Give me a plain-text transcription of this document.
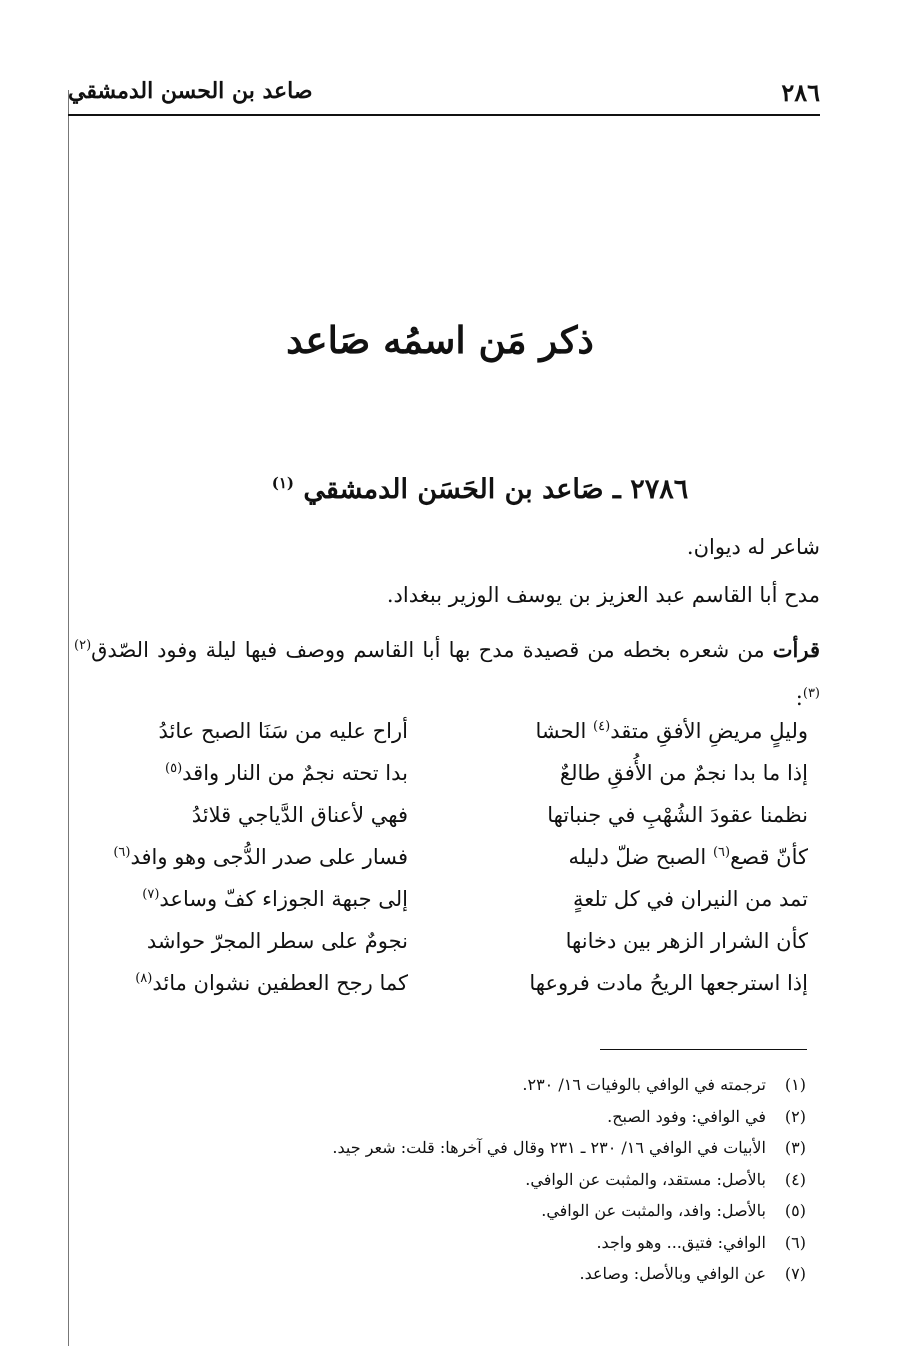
٢٨٦
صاعد بن الحسن الدمشقي
ذكر مَن اسمُه صَاعد
٢٧٨٦ ـ صَاعد بن الحَسَن الدمشقي $^{(١)}$
شاعر له ديوان.
مدح أبا القاسم عبد العزيز بن يوسف الوزير ببغداد.
قرأت من شعره بخطه من قصيدة مدح بها أبا القاسم ووصف فيها ليلة وفود الصّدق$^{(٢)(٣)}$:
وليلٍ مريضِ الأفقِ متقد$^{(٤)}$ الحشا
أراح عليه من سَنَا الصبح عائدُ
إذا ما بدا نجمٌ من الأُفقِ طالعٌ
بدا تحته نجمٌ من النار واقد$^{(٥)}$
نظمنا عقودَ الشُهْبِ في جنباتها
فهي لأعناق الدَّياجي قلائدُ
كأنّ قصع$^{(٦)}$ الصبح ضلّ دليله
فسار على صدر الدُّجى وهو وافد$^{(٦)}$
تمد من النيران في كل تلعةٍ
إلى جبهة الجوزاء كفّ وساعد$^{(٧)}$
كأن الشرار الزهر بين دخانها
نجومٌ على سطر المجرّ حواشد
إذا استرجعها الريحُ مادت فروعها
كما رجح العطفين نشوان مائد$^{(٨)}$
(١)ترجمته في الوافي بالوفيات ١٦/ ٢٣٠.
(٢)في الوافي: وفود الصبح.
(٣)الأبيات في الوافي ١٦/ ٢٣٠ ـ ٢٣١ وقال في آخرها: قلت: شعر جيد.
(٤)بالأصل: مستقد، والمثبت عن الوافي.
(٥)بالأصل: وافد، والمثبت عن الوافي.
(٦)الوافي: فتيق... وهو واجد.
(٧)عن الوافي وبالأصل: وصاعد.
